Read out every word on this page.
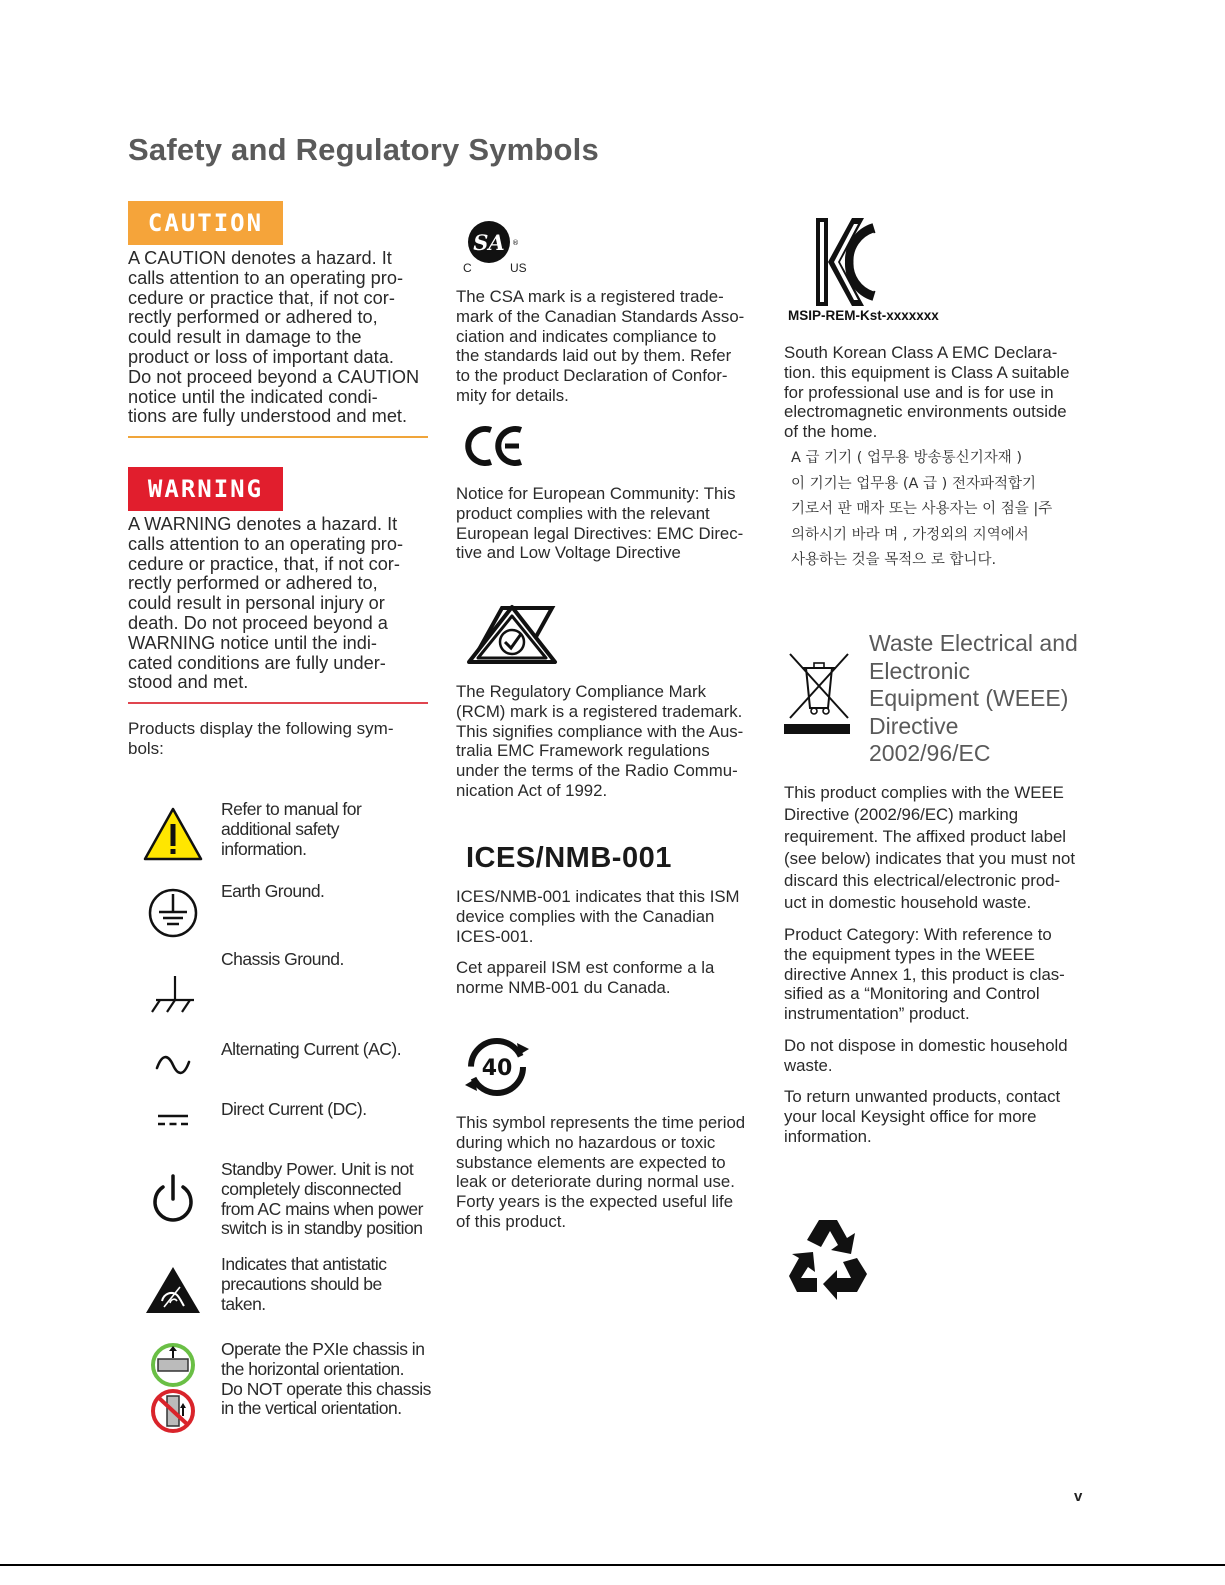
Safety and Regulatory Symbols
CAUTION

A CAUTION denotes a hazard. It
calls attention to an operating pro-
cedure or practice that, if not cor-
rectly performed or adhered to,
could result in damage to the
product or loss of important data.
Do not proceed beyond a CAUTION
notice until the indicated condi-
tions are fully understood and met.

WARNING

A WARNING denotes a hazard. It
calls attention to an operating pro-
cedure or practice, that, if not cor-
rectly performed or adhered to,
could result in personal injury or
death. Do not proceed beyond a
WARNING notice until the indi-
cated conditions are fully under-
stood and met.

Products display the following sym-
bols:

Refer to manual for
additional safety
information.
Earth Ground.
Chassis Ground.
Alternating Current (AC).
Direct Current (DC).
Standby Power. Unit is not
completely disconnected
from AC mains when power
switch is in standby position
Indicates that antistatic
precautions should be
taken.
Operate the PXIe chassis in
the horizontal orientation.
Do NOT operate this chassis
in the vertical orientation.
SA ®
C	US

The CSA mark is a registered trade-
mark of the Canadian Standards Asso-
ciation and indicates compliance to
the standards laid out by them. Refer
to the product Declaration of Confor-
mity for details.

Notice for European Community: This
product complies with the relevant
European legal Directives: EMC Direc-
tive and Low Voltage Directive

The Regulatory Compliance Mark
(RCM) mark is a registered trademark.
This signifies compliance with the Aus-
tralia EMC Framework regulations
under the terms of the Radio Commu-
nication Act of 1992.

ICES/NMB-001

ICES/NMB-001 indicates that this ISM
device complies with the Canadian
ICES-001.

Cet appareil ISM est conforme a la
norme NMB-001 du Canada.

40

This symbol represents the time period
during which no hazardous or toxic
substance elements are expected to
leak or deteriorate during normal use.
Forty years is the expected useful life
of this product.

MSIP-REM-Kst-xxxxxxx

South Korean Class A EMC Declara-
tion. this equipment is Class A suitable
for professional use and is for use in
electromagnetic environments outside
of the home.

A 급 기기 ( 업무용 방송통신기자재 )
이 기기는 업무용 (A 급 ) 전자파적합기
기로서 판 매자 또는 사용자는 이 점을 |주
의하시기 바라 며 , 가정외의 지역에서
사용하는 것을 목적으 로 합니다.
Waste Electrical and
Electronic
Equipment (WEEE)
Directive
2002/96/EC

This product complies with the WEEE
Directive (2002/96/EC) marking
requirement. The affixed product label
(see below) indicates that you must not
discard this electrical/electronic prod-
uct in domestic household waste.

Product Category: With reference to
the equipment types in the WEEE
directive Annex 1, this product is clas-
sified as a “Monitoring and Control
instrumentation” product.

Do not dispose in domestic household
waste.

To return unwanted products, contact
your local Keysight office for more
information.

v
